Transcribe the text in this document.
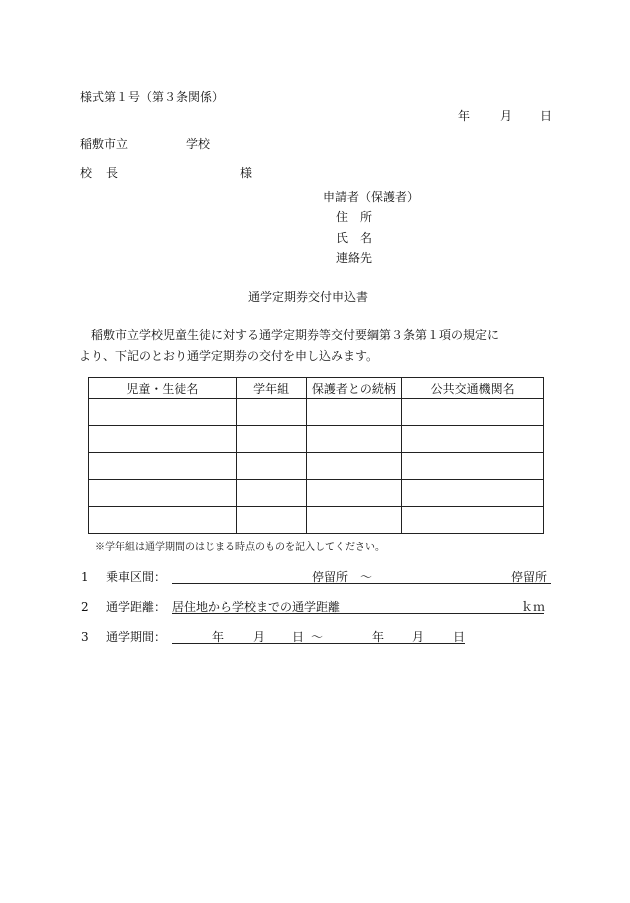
様式第１号（第３条関係）
年 月 日
稲敷市立	学校
校 長	様
申請者（保護者）
住　所
氏　名
連絡先
通学定期券交付申込書
稲敷市立学校児童生徒に対する通学定期券等交付要綱第３条第１項の規定に
より、下記のとおり通学定期券の交付を申し込みます。
児童・生徒名	学年組	保護者との続柄	公共交通機関名

※学年組は通学期間のはじまる時点のものを記入してください。
1 乗車区間：	停留所 ～	停留所
2 通学距離： 居住地から学校までの通学距離	ｋｍ
3 通学期間：	年 月 日 ～	年 月 日
